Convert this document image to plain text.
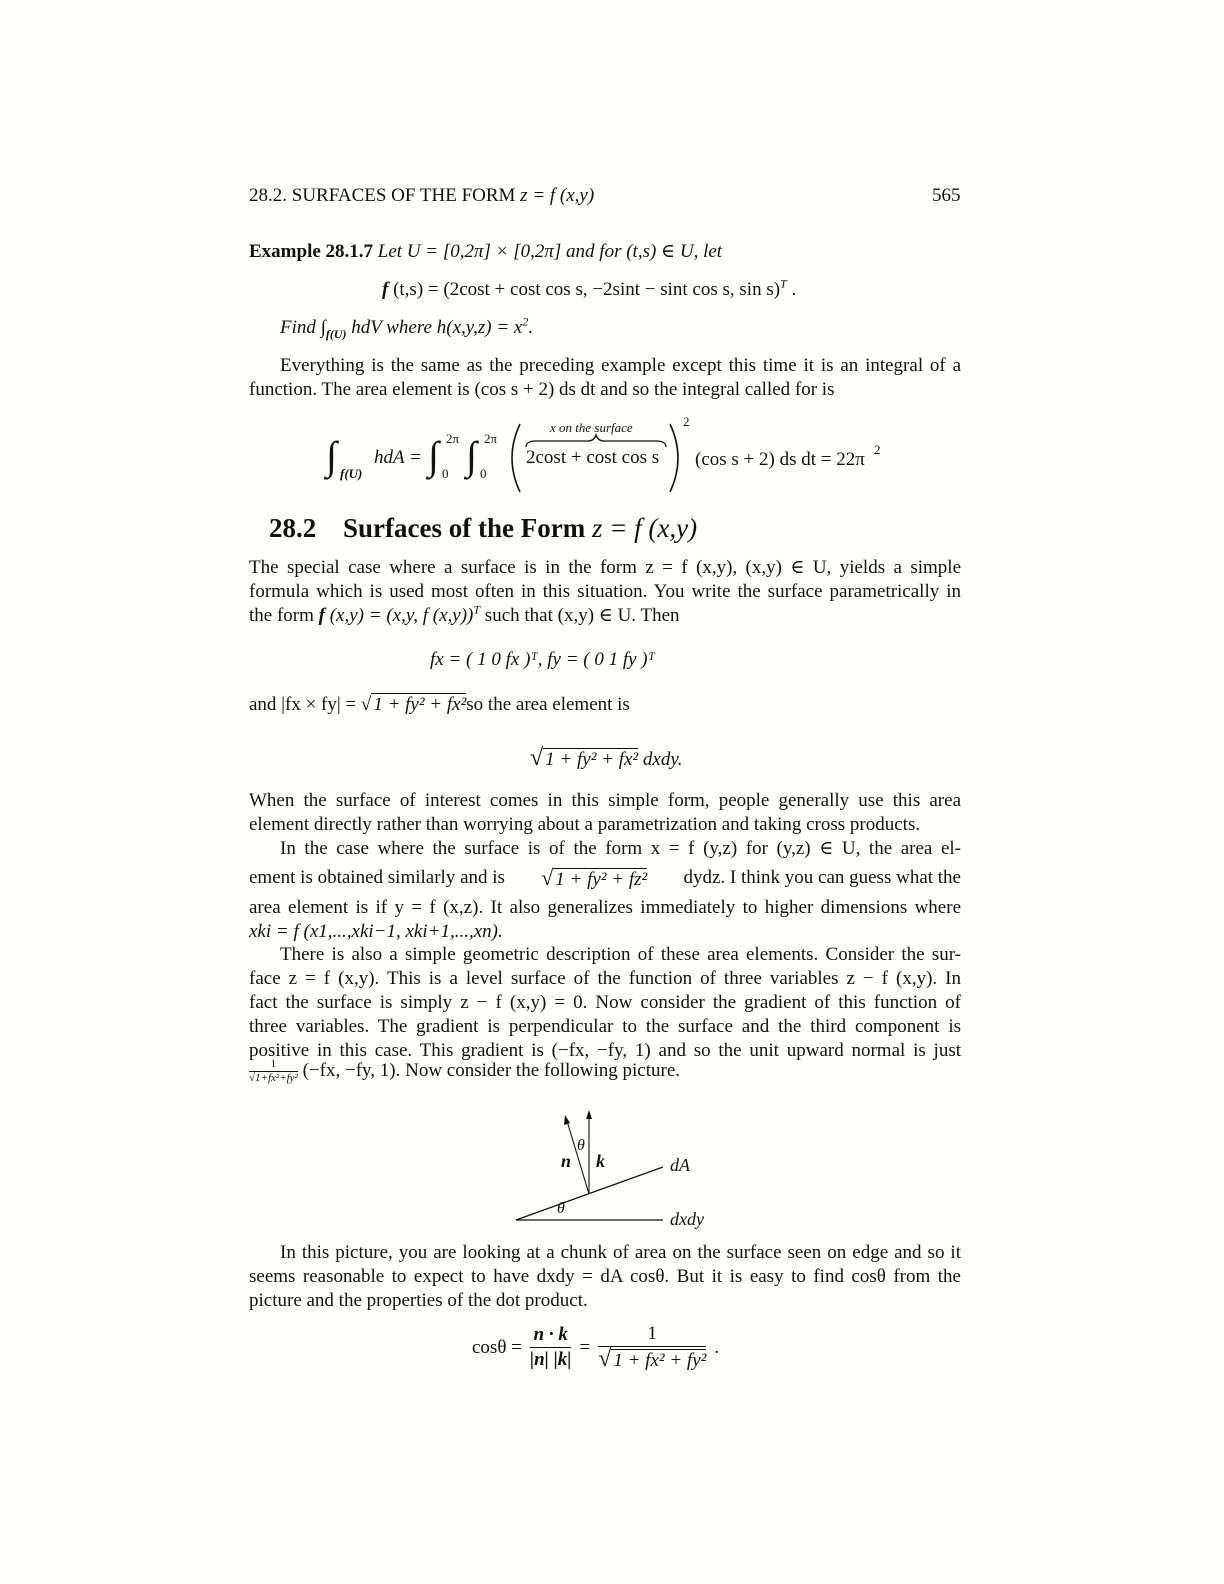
28.2. SURFACES OF THE FORM z = f (x,y)	565
Example 28.1.7 Let U = [0,2π] × [0,2π] and for (t,s) ∈ U, let
f (t,s) = (2cost + cost cos s, −2sint − sint cos s, sin s)$^T$ .
Find $\int_{f(U)}$ hdV where $h(x,y,z) = x^2$.
Everything is the same as the preceding example except this time it is an integral of a
function. The area element is (cos s + 2) ds dt and so the integral called for is
∫ f(U)
hdA = ∫ 2π
0 ∫ 2π
0
x on the surface
2cost + cost cos s
2
(cos s + 2) ds dt = 22π 2
28.2 Surfaces of the Form z = f (x,y)
The special case where a surface is in the form z = f (x,y), (x,y) ∈ U, yields a simple
formula which is used most often in this situation. You write the surface parametrically in
the form f (x,y) = (x,y, f (x,y))$^T$ such that (x,y) ∈ U. Then
fx = ( 1 0 fx )ᵀ, fy = ( 0 1 fy )ᵀ
and |fx × fy| = √ 1 + fy² + fx²so the area element is
√ 1 + fy² + fx² dxdy.
When the surface of interest comes in this simple form, people generally use this area
element directly rather than worrying about a parametrization and taking cross products.
In the case where the surface is of the form x = f (y,z) for (y,z) ∈ U, the area el-
ement is obtained similarly and is √ 1 + fy² + fz² dydz. I think you can guess what the
area element is if y = f (x,z). It also generalizes immediately to higher dimensions where
xki = f (x1,...,xki−1, xki+1,...,xn).
There is also a simple geometric description of these area elements. Consider the sur-
face z = f (x,y). This is a level surface of the function of three variables z − f (x,y). In
fact the surface is simply z − f (x,y) = 0. Now consider the gradient of this function of
three variables. The gradient is perpendicular to the surface and the third component is
positive in this case. This gradient is (−fx, −fy, 1) and so the unit upward normal is just
$\frac{1}{\text{√1+fx²+fy²}} (-fx$, −fy, 1). Now consider the following picture.
θ
n k	dA
θ
dxdy
In this picture, you are looking at a chunk of area on the surface seen on edge and so it
seems reasonable to expect to have dxdy = dA cosθ. But it is easy to find cosθ from the
picture and the properties of the dot product.
$\cos\theta = \frac{n \cdot k}{|n| |k|} = \frac{1}{\text{√ 1 + fx² + fy²}}$ .
